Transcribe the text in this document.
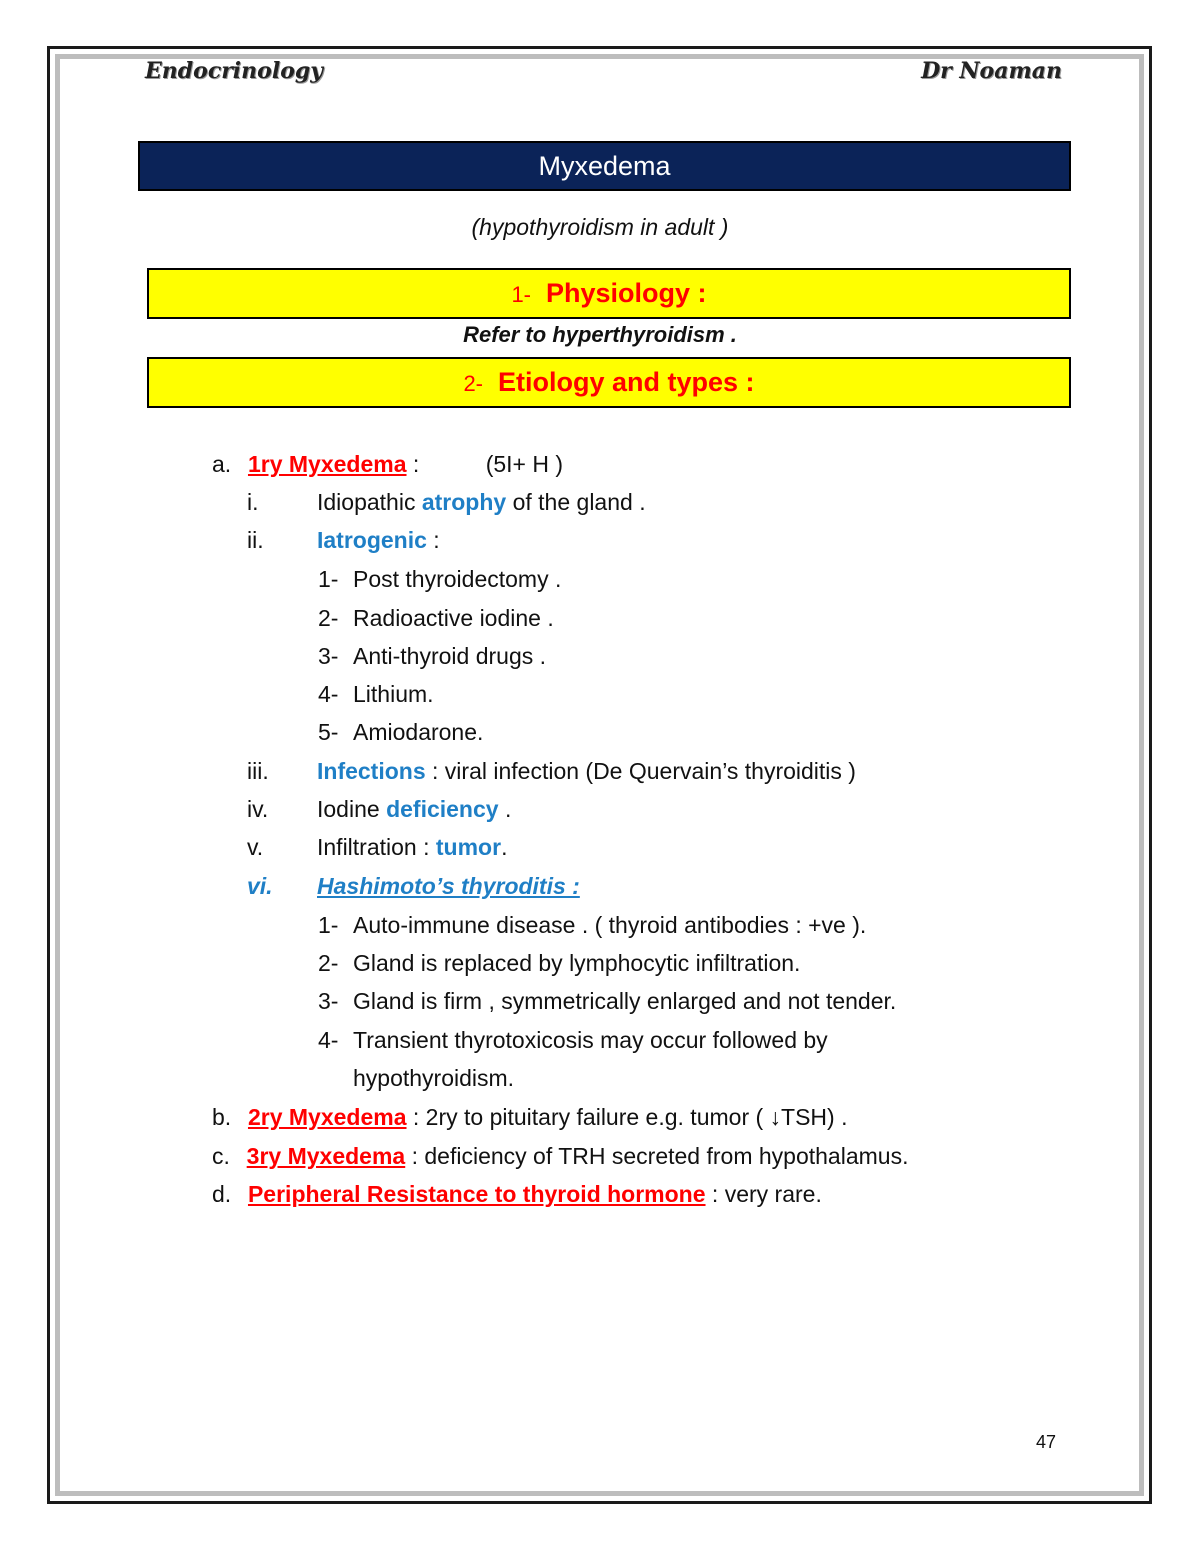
Endocrinology	Dr Noaman
Myxedema
(hypothyroidism in adult )
1- Physiology :
Refer to hyperthyroidism .
2- Etiology and types :
a. 1ry Myxedema :	(5I+ H )
i.	Idiopathic atrophy of the gland .
ii. Iatrogenic :
1- Post thyroidectomy .
2- Radioactive iodine .
3- Anti-thyroid drugs .
4- Lithium.
5- Amiodarone.
iii. Infections : viral infection (De Quervain’s thyroiditis )
iv. Iodine deficiency .
v. Infiltration : tumor.
vi. Hashimoto’s thyroditis :
1- Auto-immune disease . ( thyroid antibodies : +ve ).
2- Gland is replaced by lymphocytic infiltration.
3- Gland is firm , symmetrically enlarged and not tender.
4- Transient thyrotoxicosis may occur followed by
hypothyroidism.
b. 2ry Myxedema : 2ry to pituitary failure e.g. tumor ( ↓TSH) .
c. 3ry Myxedema : deficiency of TRH secreted from hypothalamus.
d. Peripheral Resistance to thyroid hormone : very rare.
47
